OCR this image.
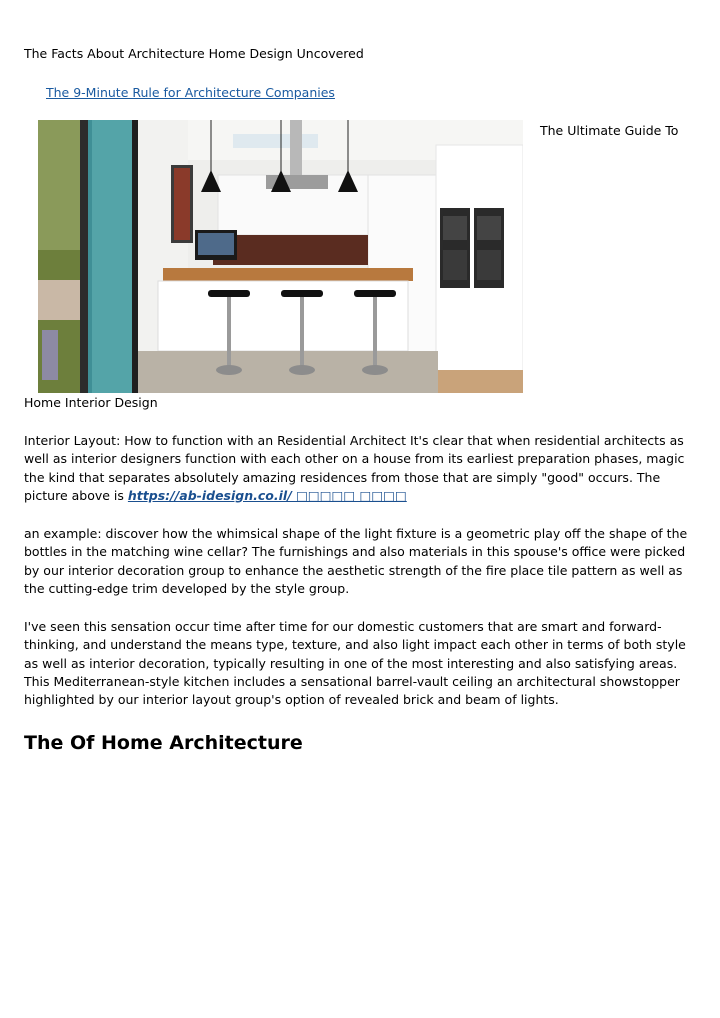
The Facts About Architecture Home Design Uncovered
The 9-Minute Rule for Architecture Companies
The Ultimate Guide To
Home Interior Design

Interior Layout: How to function with an Residential Architect It's clear that when residential architects as well as interior designers function with each other on a house from its earliest preparation phases, magic the kind that separates absolutely amazing residences from those that are simply "good" occurs. The picture above is https://ab-idesign.co.il/ □□□□□ □□□□

an example: discover how the whimsical shape of the light fixture is a geometric play off the shape of the bottles in the matching wine cellar? The furnishings and also materials in this spouse's office were picked by our interior decoration group to enhance the aesthetic strength of the fire place tile pattern as well as the cutting-edge trim developed by the style group.

I've seen this sensation occur time after time for our domestic customers that are smart and forward-thinking, and understand the means type, texture, and also light impact each other in terms of both style as well as interior decoration, typically resulting in one of the most interesting and also satisfying areas. This Mediterranean-style kitchen includes a sensational barrel-vault ceiling an architectural showstopper highlighted by our interior layout group's option of revealed brick and beam of lights.

The Of Home Architecture
